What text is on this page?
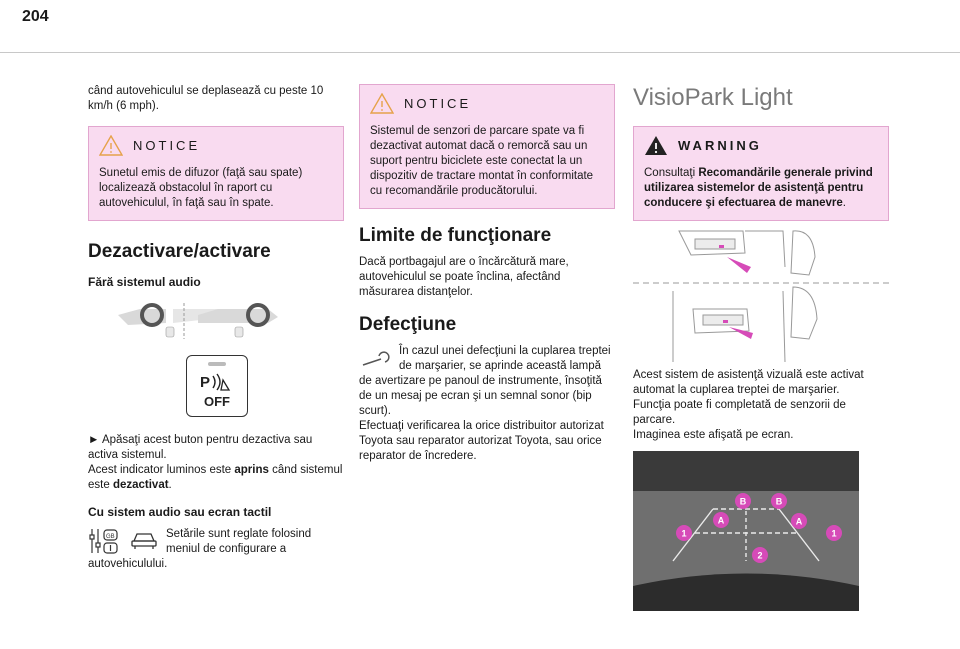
204

când autovehiculul se deplasează cu peste 10 km/h (6 mph).

NOTICE
Sunetul emis de difuzor (faţă sau spate) localizează obstacolul în raport cu autovehiculul, în faţă sau în spate.
Dezactivare/activare
Fără sistemul audio
P
OFF

► Apăsaţi acest buton pentru dezactiva sau activa sistemul.
Acest indicator luminos este aprins când sistemul este dezactivat.

Cu sistem audio sau ecran tactil
GB	Setările sunt reglate folosind meniul de configurare a autovehiculului.

NOTICE
Sistemul de senzori de parcare spate va fi dezactivat automat dacă o remorcă sau un suport pentru biciclete este conectat la un dispozitiv de tractare montat în conformitate cu recomandările producătorului.
Limite de funcţionare

Dacă portbagajul are o încărcătură mare, autovehiculul se poate înclina, afectând măsurarea distanţelor.

Defecţiune

În cazul unei defecţiuni la cuplarea treptei de marşarier, se aprinde această lampă de avertizare pe panoul de instrumente, însoţită de un mesaj pe ecran şi un semnal sonor (bip scurt).

Efectuaţi verificarea la orice distribuitor autorizat Toyota sau reparator autorizat Toyota, sau orice reparator de încredere.

VisioPark Light
WARNING
Consultaţi Recomandările generale privind utilizarea sistemelor de asistenţă pentru conducere şi efectuarea de manevre.

Acest sistem de asistenţă vizuală este activat automat la cuplarea treptei de marşarier.
Funcţia poate fi completată de senzorii de parcare.
Imaginea este afişată pe ecran.

B	B
A	A
1	1
2
